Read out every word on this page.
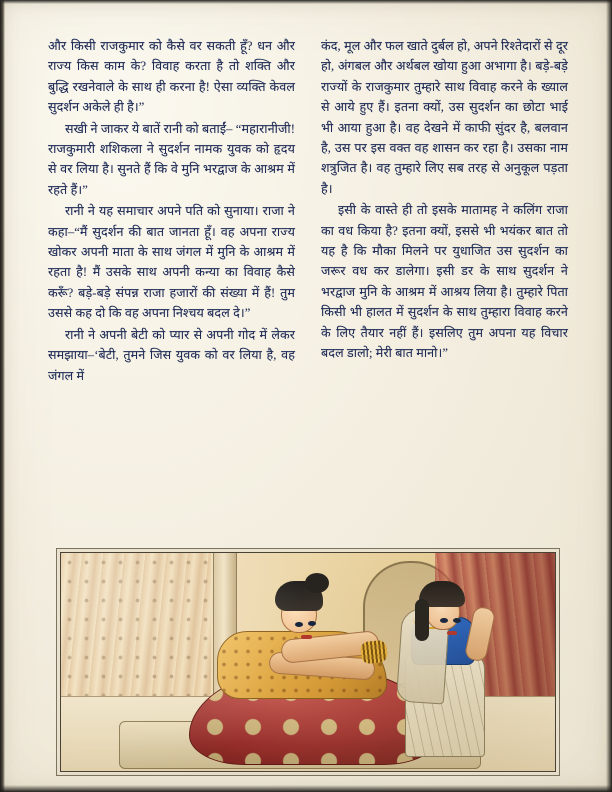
और किसी राजकुमार को कैसे वर सकती हूँ? धन और राज्य किस काम के? विवाह करता है तो शक्ति और बुद्धि रखनेवाले के साथ ही करना है! ऐसा व्यक्ति केवल सुदर्शन अकेले ही है।”

सखी ने जाकर ये बातें रानी को बताईं– “महारानीजी! राजकुमारी शशिकला ने सुदर्शन नामक युवक को हृदय से वर लिया है। सुनते हैं कि वे मुनि भरद्वाज के आश्रम में रहते हैं।”

रानी ने यह समाचार अपने पति को सुनाया। राजा ने कहा–“मैं सुदर्शन की बात जानता हूँ। वह अपना राज्य खोकर अपनी माता के साथ जंगल में मुनि के आश्रम में रहता है! मैं उसके साथ अपनी कन्या का विवाह कैसे करूँ? बड़े-बड़े संपन्न राजा हजारों की संख्या में हैं! तुम उससे कह दो कि वह अपना निश्चय बदल दे।”

रानी ने अपनी बेटी को प्यार से अपनी गोद में लेकर समझाया–‘बेटी, तुमने जिस युवक को वर लिया है, वह जंगल में

कंद, मूल और फल खाते दुर्बल हो, अपने रिश्तेदारों से दूर हो, अंगबल और अर्थबल खोया हुआ अभागा है। बड़े-बड़े राज्यों के राजकुमार तुम्हारे साथ विवाह करने के ख्याल से आये हुए हैं। इतना क्यों, उस सुदर्शन का छोटा भाई भी आया हुआ है। वह देखने में काफी सुंदर है, बलवान है, उस पर इस वक्त वह शासन कर रहा है। उसका नाम शत्रुजित है। वह तुम्हारे लिए सब तरह से अनुकूल पड़ता है।

इसी के वास्ते ही तो इसके मातामह ने कलिंग राजा का वध किया है? इतना क्यों, इससे भी भयंकर बात तो यह है कि मौका मिलने पर युधाजित उस सुदर्शन का जरूर वध कर डालेगा। इसी डर के साथ सुदर्शन ने भरद्वाज मुनि के आश्रम में आश्रय लिया है। तुम्हारे पिता किसी भी हालत में सुदर्शन के साथ तुम्हारा विवाह करने के लिए तैयार नहीं हैं। इसलिए तुम अपना यह विचार बदल डालो; मेरी बात मानो।”
